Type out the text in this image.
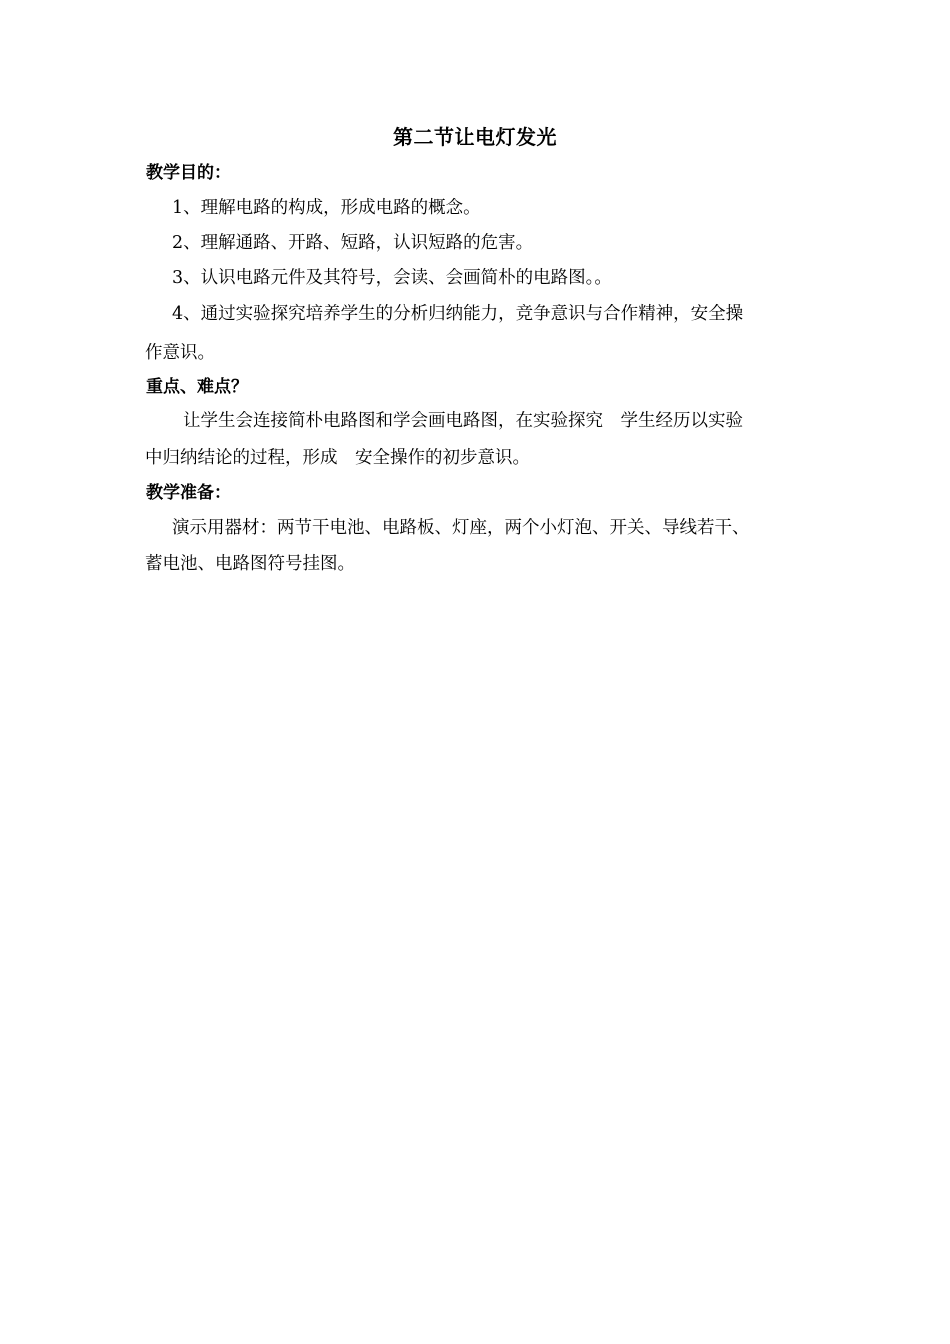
第二节让电灯发光
教学目的：
1、理解电路的构成，形成电路的概念。
2、理解通路、开路、短路，认识短路的危害。
3、认识电路元件及其符号，会读、会画简朴的电路图。。
4、通过实验探究培养学生的分析归纳能力，竞争意识与合作精神，安全操
作意识。
重点、难点？
让学生会连接简朴电路图和学会画电路图，在实验探究　学生经历以实验
中归纳结论的过程，形成　安全操作的初步意识。
教学准备：
演示用器材：两节干电池、电路板、灯座，两个小灯泡、开关、导线若干、
蓄电池、电路图符号挂图。
